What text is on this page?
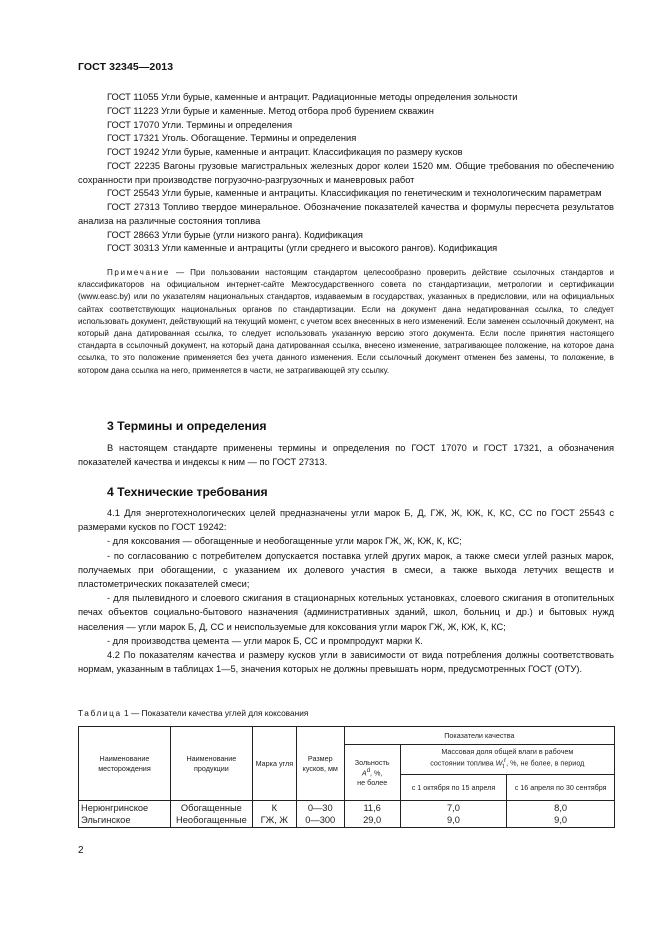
ГОСТ 32345—2013
ГОСТ 11055 Угли бурые, каменные и антрацит. Радиационные методы определения зольности
ГОСТ 11223 Угли бурые и каменные. Метод отбора проб бурением скважин
ГОСТ 17070 Угли. Термины и определения
ГОСТ 17321 Уголь. Обогащение. Термины и определения
ГОСТ 19242 Угли бурые, каменные и антрацит. Классификация по размеру кусков
ГОСТ 22235 Вагоны грузовые магистральных железных дорог колеи 1520 мм. Общие требования по обеспечению сохранности при производстве погрузочно-разгрузочных и маневровых работ
ГОСТ 25543 Угли бурые, каменные и антрациты. Классификация по генетическим и технологическим параметрам
ГОСТ 27313 Топливо твердое минеральное. Обозначение показателей качества и формулы пересчета результатов анализа на различные состояния топлива
ГОСТ 28663 Угли бурые (угли низкого ранга). Кодификация
ГОСТ 30313 Угли каменные и антрациты (угли среднего и высокого рангов). Кодификация
Примечание — При пользовании настоящим стандартом целесообразно проверить действие ссылочных стандартов и классификаторов на официальном интернет-сайте Межгосударственного совета по стандартизации, метрологии и сертификации (www.easc.by) или по указателям национальных стандартов, издаваемым в государствах, указанных в предисловии, или на официальных сайтах соответствующих национальных органов по стандартизации. Если на документ дана недатированная ссылка, то следует использовать документ, действующий на текущий момент, с учетом всех внесенных в него изменений. Если заменен ссылочный документ, на который дана датированная ссылка, то следует использовать указанную версию этого документа. Если после принятия настоящего стандарта в ссылочный документ, на который дана датированная ссылка, внесено изменение, затрагивающее положение, на которое дана ссылка, то это положение применяется без учета данного изменения. Если ссылочный документ отменен без замены, то положение, в котором дана ссылка на него, применяется в части, не затрагивающей эту ссылку.
3 Термины и определения

В настоящем стандарте применены термины и определения по ГОСТ 17070 и ГОСТ 17321, а обозначения показателей качества и индексы к ним — по ГОСТ 27313.

4 Технические требования

4.1 Для энерготехнологических целей предназначены угли марок Б, Д, ГЖ, Ж, КЖ, К, КС, СС по ГОСТ 25543 с размерами кусков по ГОСТ 19242:

- для коксования — обогащенные и необогащенные угли марок ГЖ, Ж, КЖ, К, КС;

- по согласованию с потребителем допускается поставка углей других марок, а также смеси углей разных марок, получаемых при обогащении, с указанием их долевого участия в смеси, а также выхода летучих веществ и пластометрических показателей смеси;

- для пылевидного и слоевого сжигания в стационарных котельных установках, слоевого сжигания в отопительных печах объектов социально-бытового назначения (административных зданий, школ, больниц и др.) и бытовых нужд населения — угли марок Б, Д, СС и неиспользуемые для коксования угли марок ГЖ, Ж, КЖ, К, КС;

- для производства цемента — угли марок Б, СС и промпродукт марки К.

4.2 По показателям качества и размеру кусков угли в зависимости от вида потребления должны соответствовать нормам, указанным в таблицах 1—5, значения которых не должны превышать норм, предусмотренных ГОСТ (ОТУ).

Таблица 1 — Показатели качества углей для коксования
Наименование месторождения	Наименование продукции	Марка угля	Размер кусков, мм	Показатели качества		
				Зольность
$A^d$, %,
не более	Массовая доля общей влаги в рабочем
состоянии топлива $W_t^r$, %, не более, в период	
					с 1 октября по 15 апреля	с 16 апреля по 30 сентября
Нерюнгринское	Обогащенные	К	0—30	11,6	7,0	8,0
Эльгинское	Необогащенные	ГЖ, Ж	0—300	29,0	9,0	9,0
2
